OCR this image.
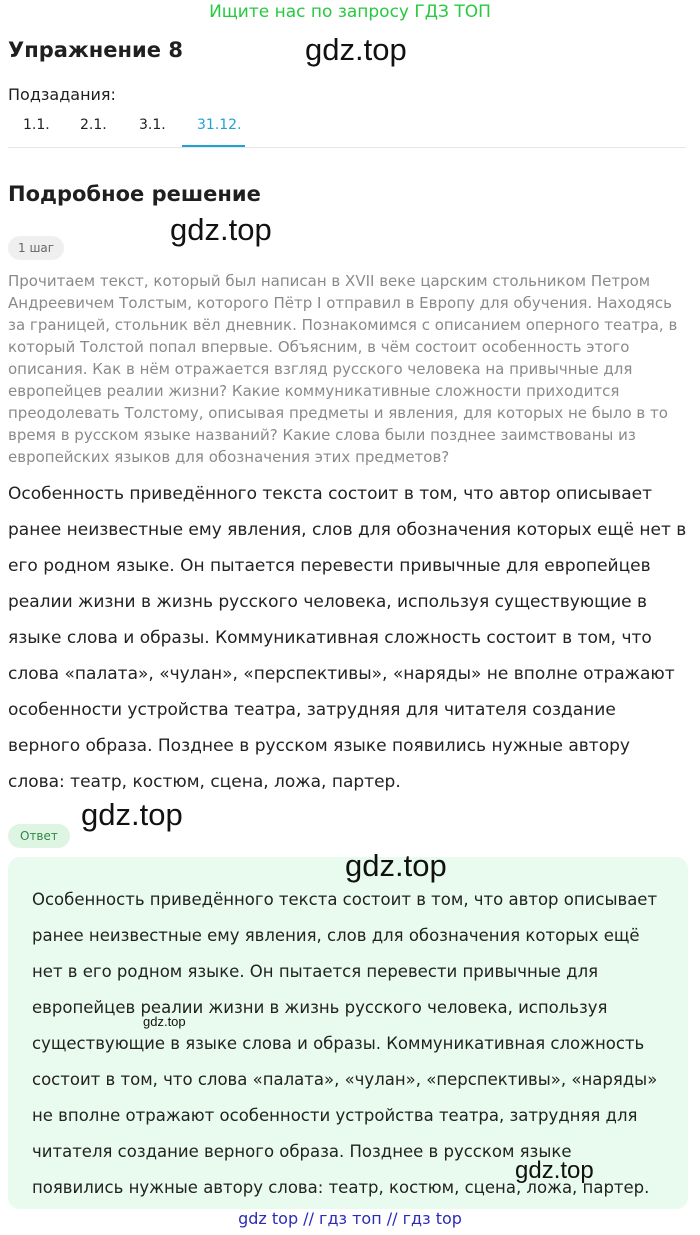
Ищите нас по запросу ГДЗ ТОП
Упражнение 8	gdz.top
Подзадания:
1.1. 2.1. 3.1. 31.12.
Подробное решение
1 шаг
gdz.top
Прочитаем текст, который был написан в XVII веке царским стольником Петром Андреевичем Толстым, которого Пётр I отправил в Европу для обучения. Находясь за границей, стольник вёл дневник. Познакомимся с описанием оперного театра, в который Толстой попал впервые. Объясним, в чём состоит особенность этого описания. Как в нём отражается взгляд русского человека на привычные для европейцев реалии жизни? Какие коммуникативные сложности приходится преодолевать Толстому, описывая предметы и явления, для которых не было в то время в русском языке названий? Какие слова были позднее заимствованы из европейских языков для обозначения этих предметов?
Особенность приведённого текста состоит в том, что автор описывает ранее неизвестные ему явления, слов для обозначения которых ещё нет в его родном языке. Он пытается перевести привычные для европейцев реалии жизни в жизнь русского человека, используя существующие в языке слова и образы. Коммуникативная сложность состоит в том, что слова «палата», «чулан», «перспективы», «наряды» не вполне отражают особенности устройства театра, затрудняя для читателя создание верного образа. Позднее в русском языке появились нужные автору слова: театр, костюм, сцена, ложа, партер.
gdz.top
Ответ
Особенность приведённого текста состоит в том, что автор описывает ранее неизвестные ему явления, слов для обозначения которых ещё нет в его родном языке. Он пытается перевести привычные для европейцев реалии жизни в жизнь русского человека, используя существующие в языке слова и образы. Коммуникативная сложность состоит в том, что слова «палата», «чулан», «перспективы», «наряды» не вполне отражают особенности устройства театра, затрудняя для читателя создание верного образа. Позднее в русском языке появились нужные автору слова: театр, костюм, сцена, ложа, партер.
gdz.top
gdz.top
gdz.top
gdz top // гдз топ // гдз top
